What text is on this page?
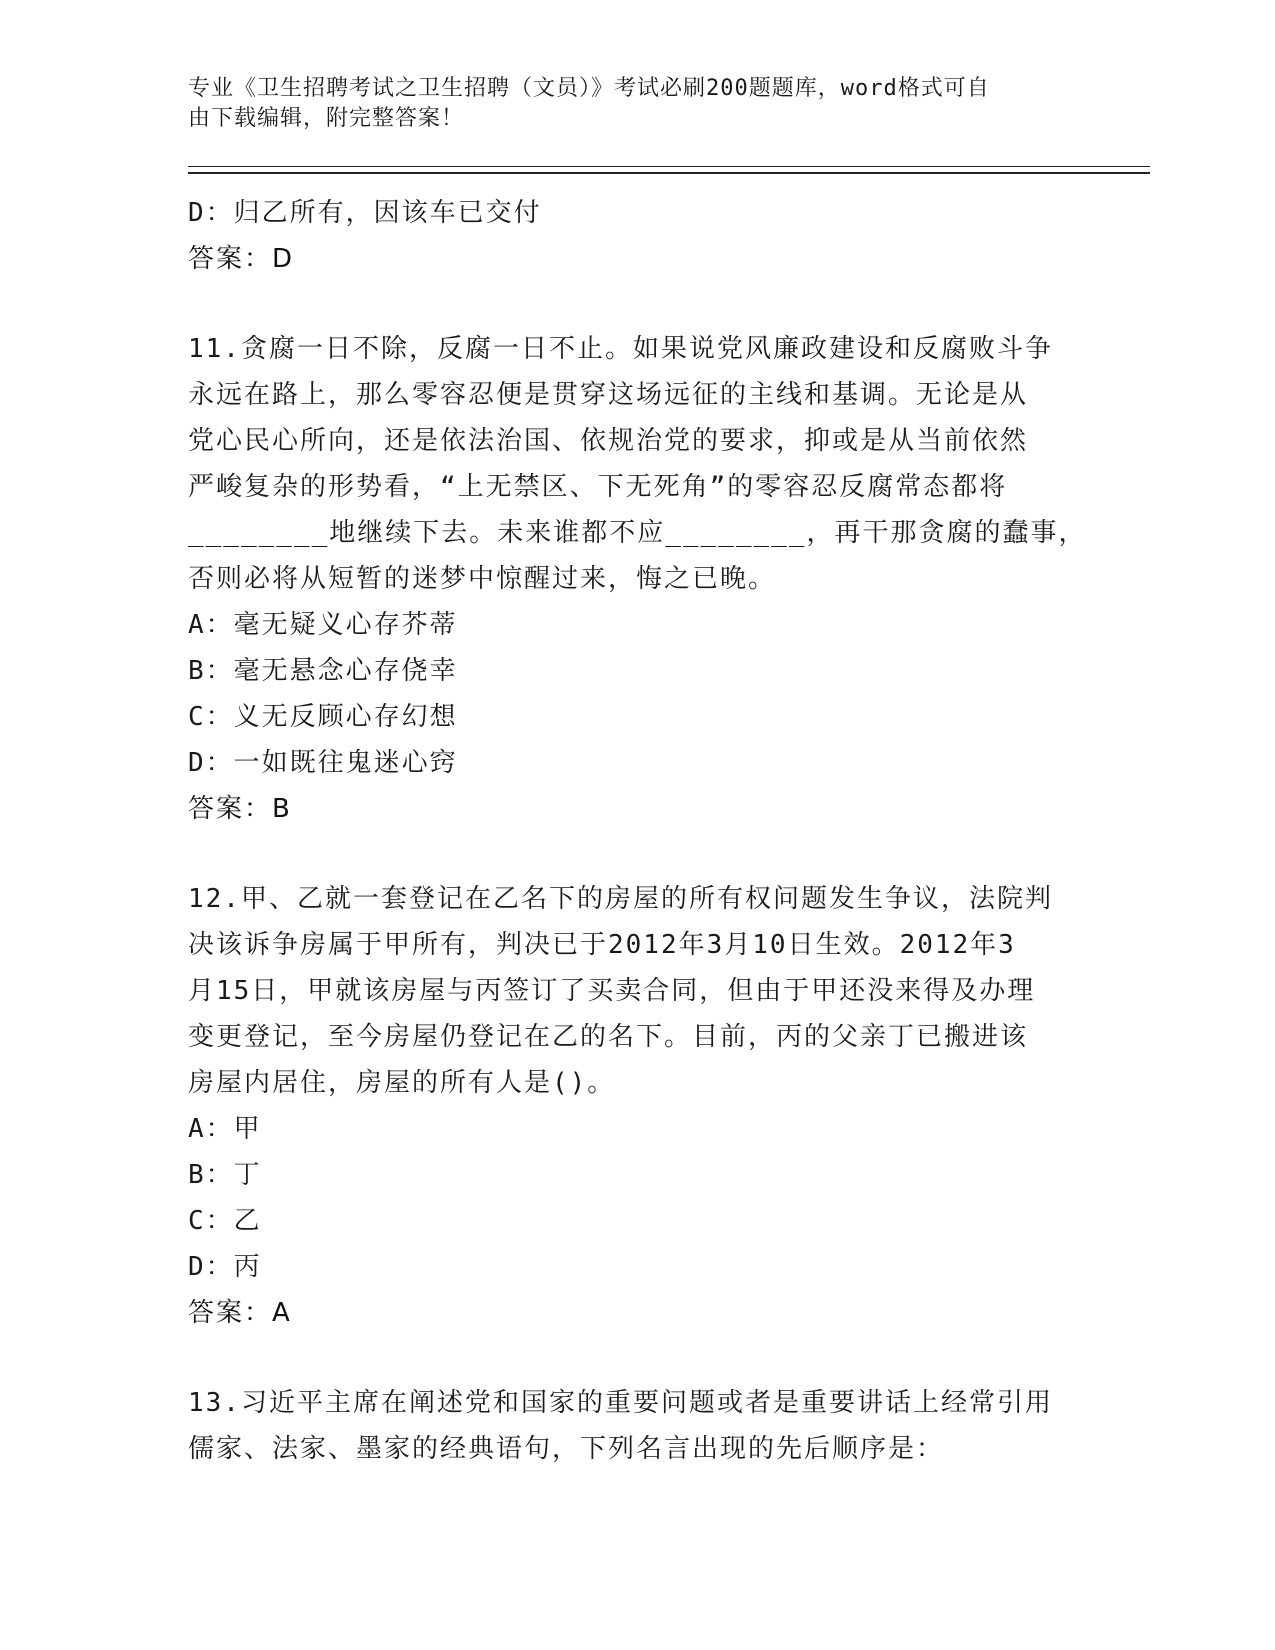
专业《卫生招聘考试之卫生招聘（文员）》考试必刷200题题库，word格式可自
由下载编辑，附完整答案！
D：归乙所有，因该车已交付
答案：D
11.贪腐一日不除，反腐一日不止。如果说党风廉政建设和反腐败斗争
永远在路上，那么零容忍便是贯穿这场远征的主线和基调。无论是从
党心民心所向，还是依法治国、依规治党的要求，抑或是从当前依然
严峻复杂的形势看，“上无禁区、下无死角”的零容忍反腐常态都将
________地继续下去。未来谁都不应________，再干那贪腐的蠢事，
否则必将从短暂的迷梦中惊醒过来，悔之已晚。
A：毫无疑义心存芥蒂
B：毫无悬念心存侥幸
C：义无反顾心存幻想
D：一如既往鬼迷心窍
答案：B
12.甲、乙就一套登记在乙名下的房屋的所有权问题发生争议，法院判
决该诉争房属于甲所有，判决已于2012年3月10日生效。2012年3
月15日，甲就该房屋与丙签订了买卖合同，但由于甲还没来得及办理
变更登记，至今房屋仍登记在乙的名下。目前，丙的父亲丁已搬进该
房屋内居住，房屋的所有人是()。
A：甲
B：丁
C：乙
D：丙
答案：A
13.习近平主席在阐述党和国家的重要问题或者是重要讲话上经常引用
儒家、法家、墨家的经典语句，下列名言出现的先后顺序是：
